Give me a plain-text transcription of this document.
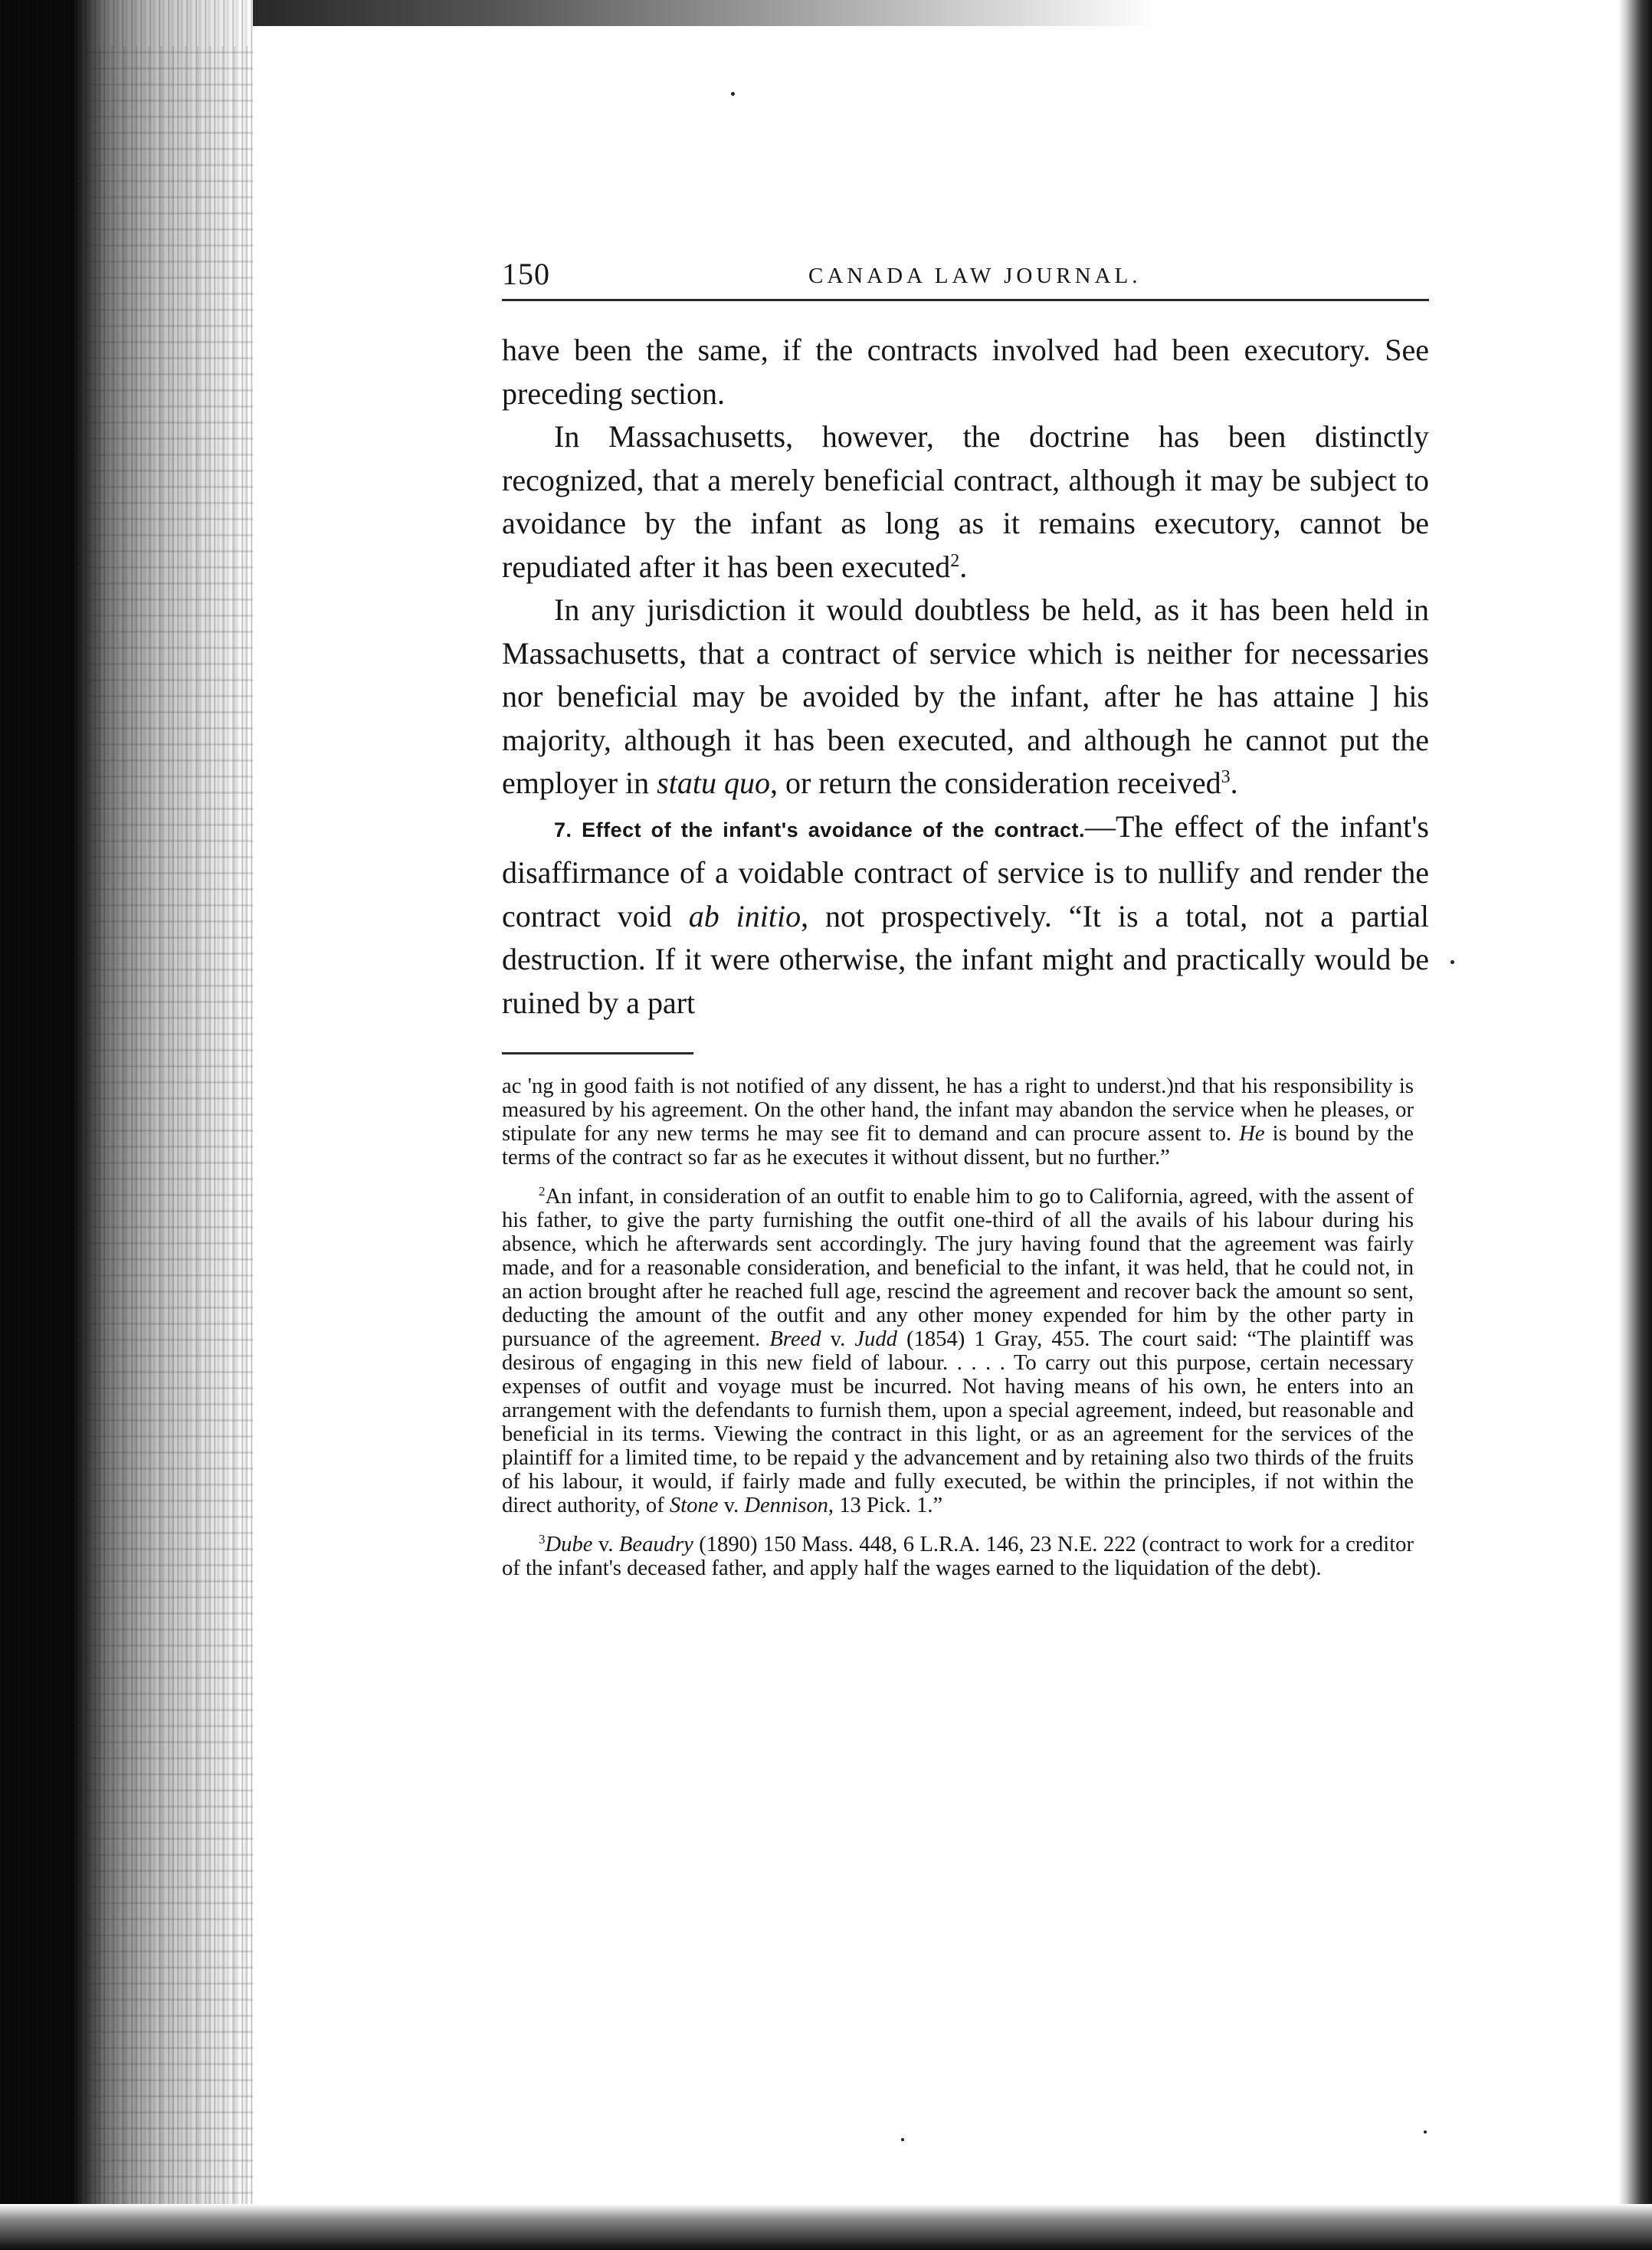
150	CANADA LAW JOURNAL.

have been the same, if the contracts involved had been executory. See preceding section.

In Massachusetts, however, the doctrine has been distinctly recognized, that a merely beneficial contract, although it may be subject to avoidance by the infant as long as it remains executory, cannot be repudiated after it has been executed$^2$.

In any jurisdiction it would doubtless be held, as it has been held in Massachusetts, that a contract of service which is neither for necessaries nor beneficial may be avoided by the infant, after he has attaine ] his majority, although it has been executed, and although he cannot put the employer in statu quo, or return the consideration received$^3$.

7. Effect of the infant's avoidance of the contract.—The effect of the infant's disaffirmance of a voidable contract of service is to nullify and render the contract void ab initio, not prospectively. “It is a total, not a partial destruction. If it were otherwise, the infant might and practically would be ruined by a part

ac 'ng in good faith is not notified of any dissent, he has a right to underst.)nd that his responsibility is measured by his agreement. On the other hand, the infant may abandon the service when he pleases, or stipulate for any new terms he may see fit to demand and can procure assent to. He is bound by the terms of the contract so far as he executes it without dissent, but no further.”

$^2$An infant, in consideration of an outfit to enable him to go to California, agreed, with the assent of his father, to give the party furnishing the outfit one-third of all the avails of his labour during his absence, which he afterwards sent accordingly. The jury having found that the agreement was fairly made, and for a reasonable consideration, and beneficial to the infant, it was held, that he could not, in an action brought after he reached full age, rescind the agreement and recover back the amount so sent, deducting the amount of the outfit and any other money expended for him by the other party in pursuance of the agreement. Breed v. Judd (1854) 1 Gray, 455. The court said: “The plaintiff was desirous of engaging in this new field of labour. . . . . To carry out this purpose, certain necessary expenses of outfit and voyage must be incurred. Not having means of his own, he enters into an arrangement with the defendants to furnish them, upon a special agreement, indeed, but reasonable and beneficial in its terms. Viewing the contract in this light, or as an agreement for the services of the plaintiff for a limited time, to be repaid y the advancement and by retaining also two thirds of the fruits of his labour, it would, if fairly made and fully executed, be within the principles, if not within the direct authority, of Stone v. Dennison, 13 Pick. 1.”

$^3$Dube v. Beaudry (1890) 150 Mass. 448, 6 L.R.A. 146, 23 N.E. 222 (contract to work for a creditor of the infant's deceased father, and apply half the wages earned to the liquidation of the debt).
